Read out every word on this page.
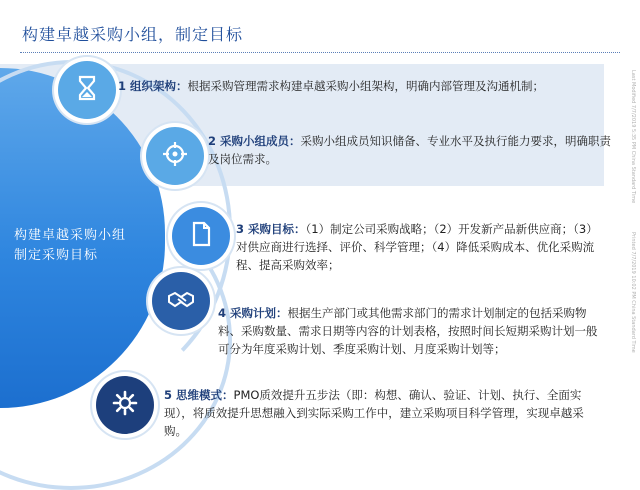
构建卓越采购小组，制定目标
Last Modified 7/7/2019 5:35 PM China Standard Time
Printed 7/7/2019 10:02 PM China Standard Time
构建卓越采购小组
制定采购目标
1 组织架构：根据采购管理需求构建卓越采购小组架构，明确内部管理及沟通机制；
2 采购小组成员：采购小组成员知识储备、专业水平及执行能力要求，明确职责及岗位需求。
3 采购目标：（1）制定公司采购战略；（2）开发新产品新供应商；（3）对供应商进行选择、评价、科学管理；（4）降低采购成本、优化采购流程、提高采购效率；
4 采购计划：根据生产部门或其他需求部门的需求计划制定的包括采购物料、采购数量、需求日期等内容的计划表格，按照时间长短期采购计划一般可分为年度采购计划、季度采购计划、月度采购计划等；
5 思维模式：PMO质效提升五步法（即：构想、确认、验证、计划、执行、全面实现），将质效提升思想融入到实际采购工作中，建立采购项目科学管理，实现卓越采购。
